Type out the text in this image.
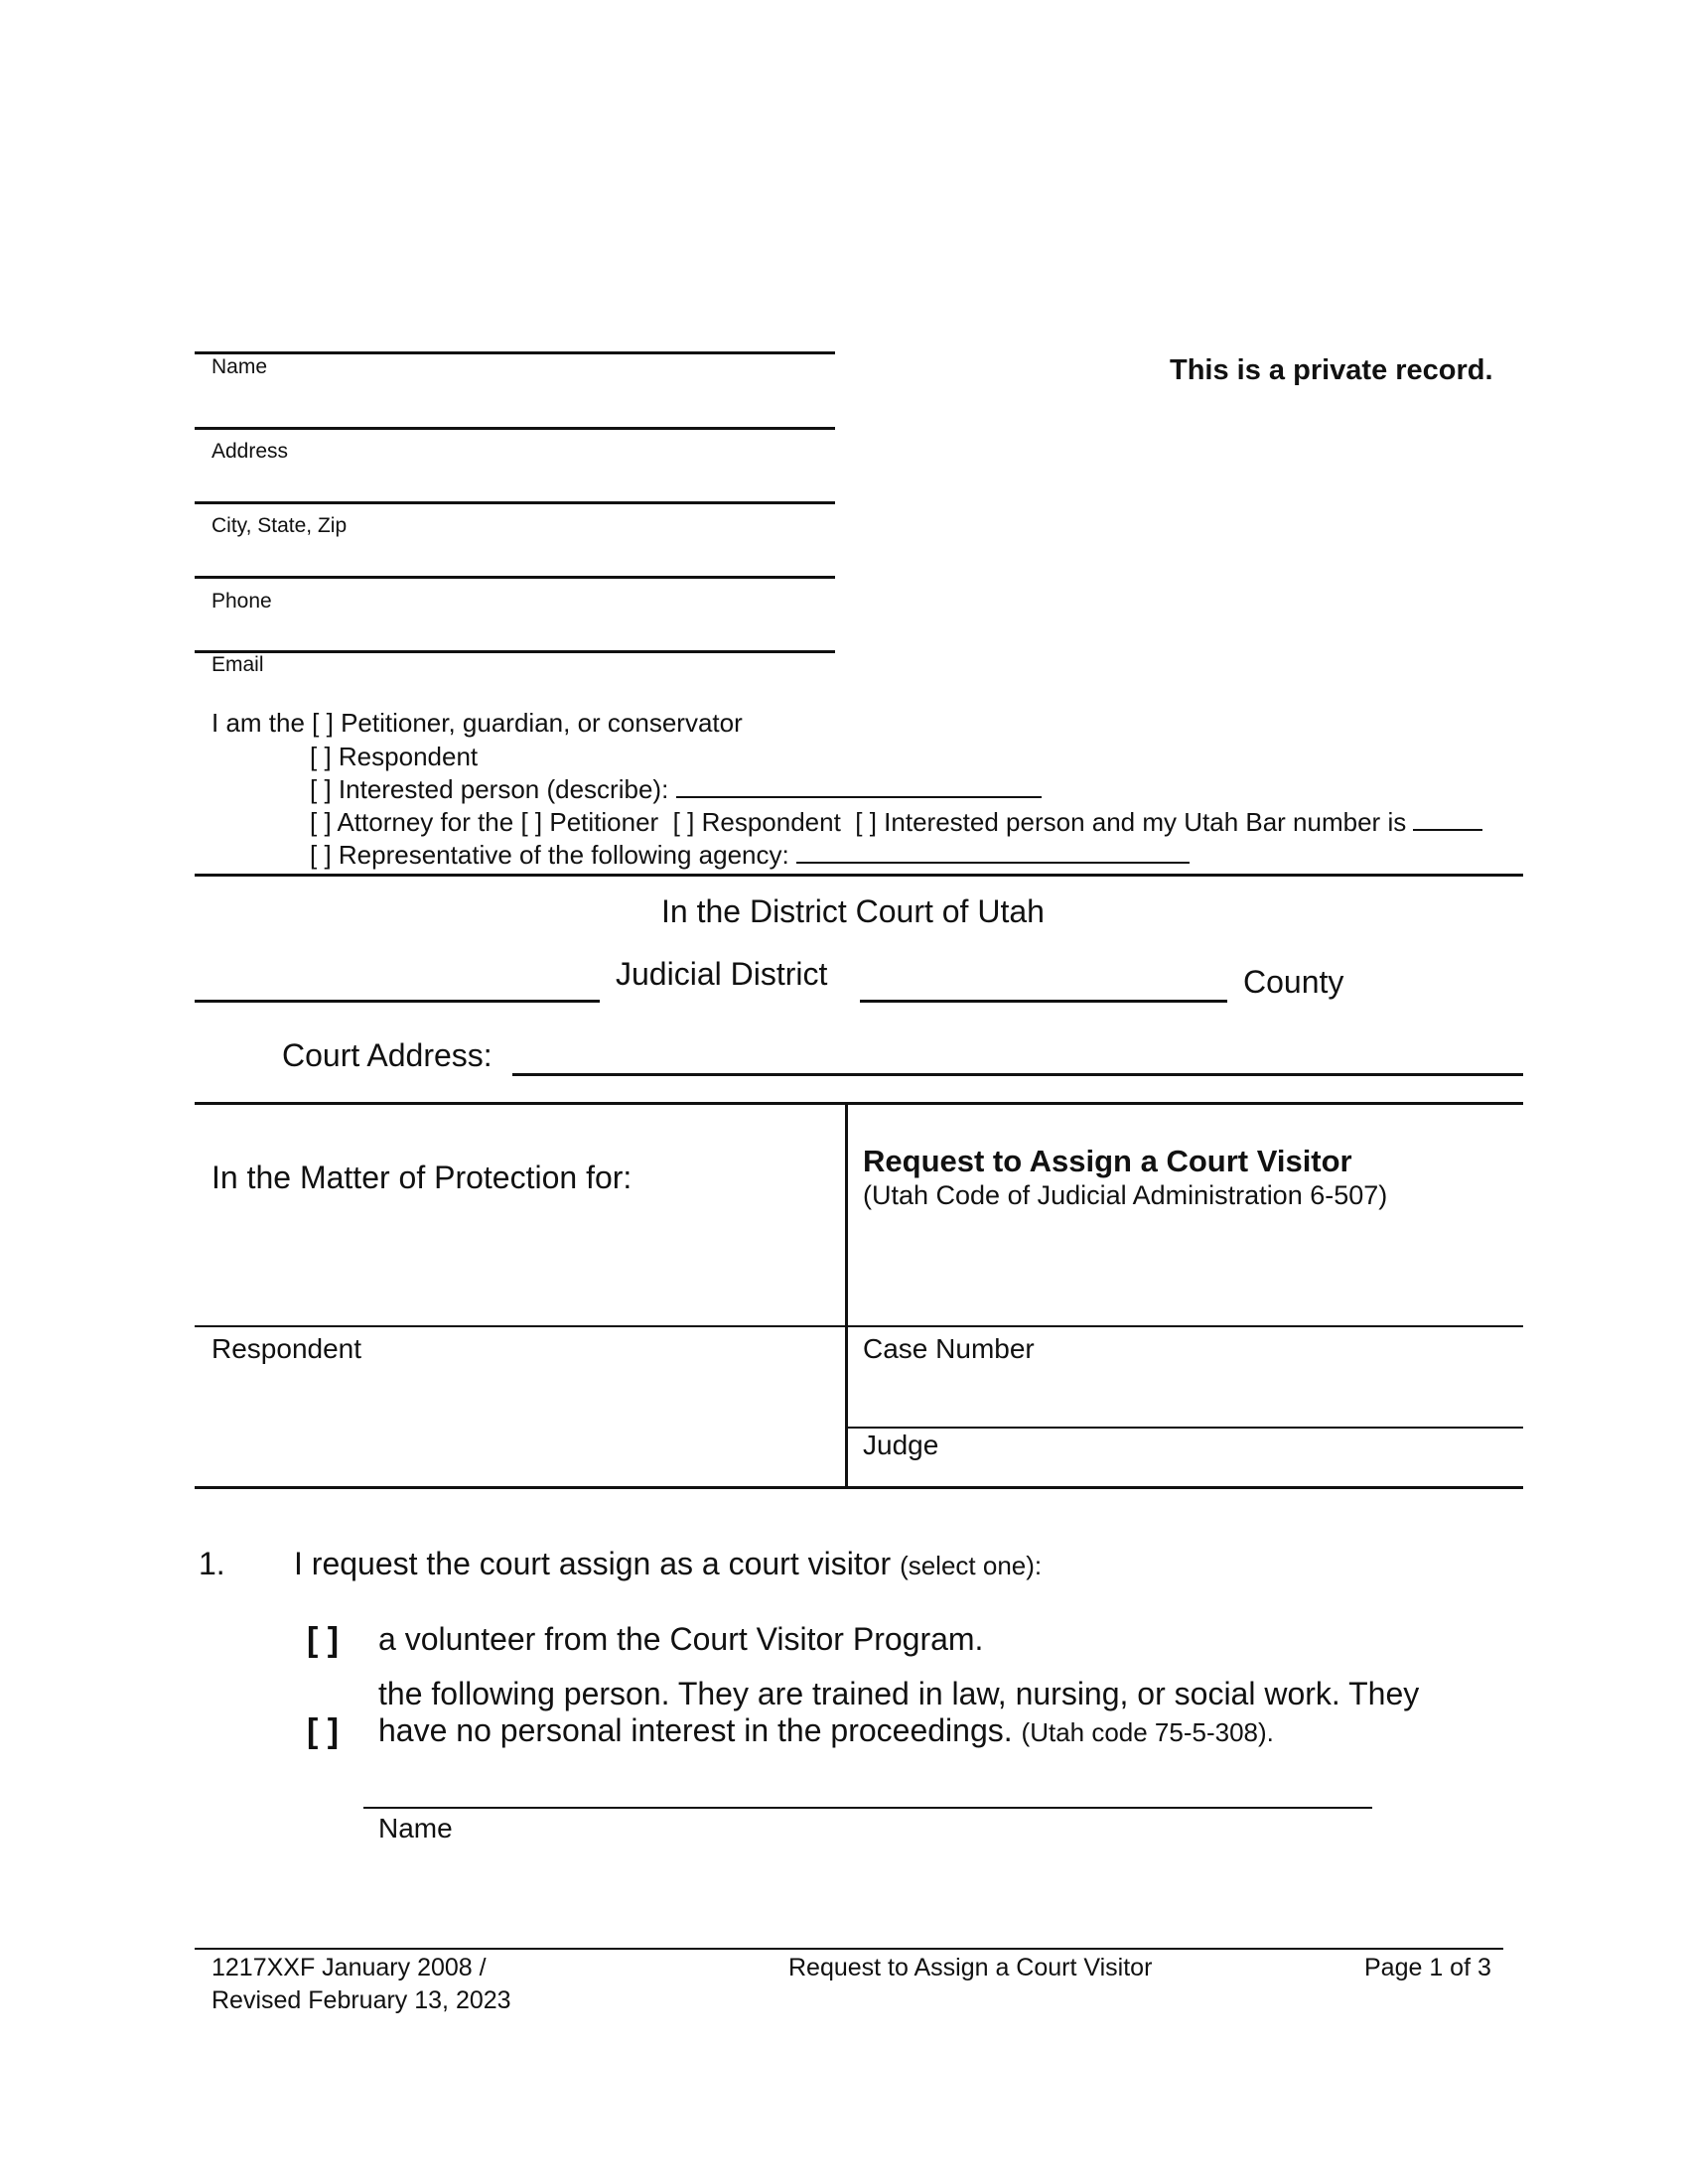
Name
Address
City, State, Zip
Phone
Email
This is a private record.
I am the [ ] Petitioner, guardian, or conservator
[ ] Respondent
[ ] Interested person (describe):
[ ] Attorney for the [ ] Petitioner [ ] Respondent [ ] Interested person and my Utah Bar number is
[ ] Representative of the following agency:
In the District Court of Utah
Judicial District	County
Court Address:
In the Matter of Protection for:	Request to Assign a Court Visitor
(Utah Code of Judicial Administration 6-507)
Respondent	Case Number
Judge
1. I request the court assign as a court visitor (select one):
[ ] a volunteer from the Court Visitor Program.
the following person. They are trained in law, nursing, or social work. They
[ ] have no personal interest in the proceedings. (Utah code 75-5-308).
Name
1217XXF January 2008 /
Revised February 13, 2023
Request to Assign a Court Visitor	Page 1 of 3
